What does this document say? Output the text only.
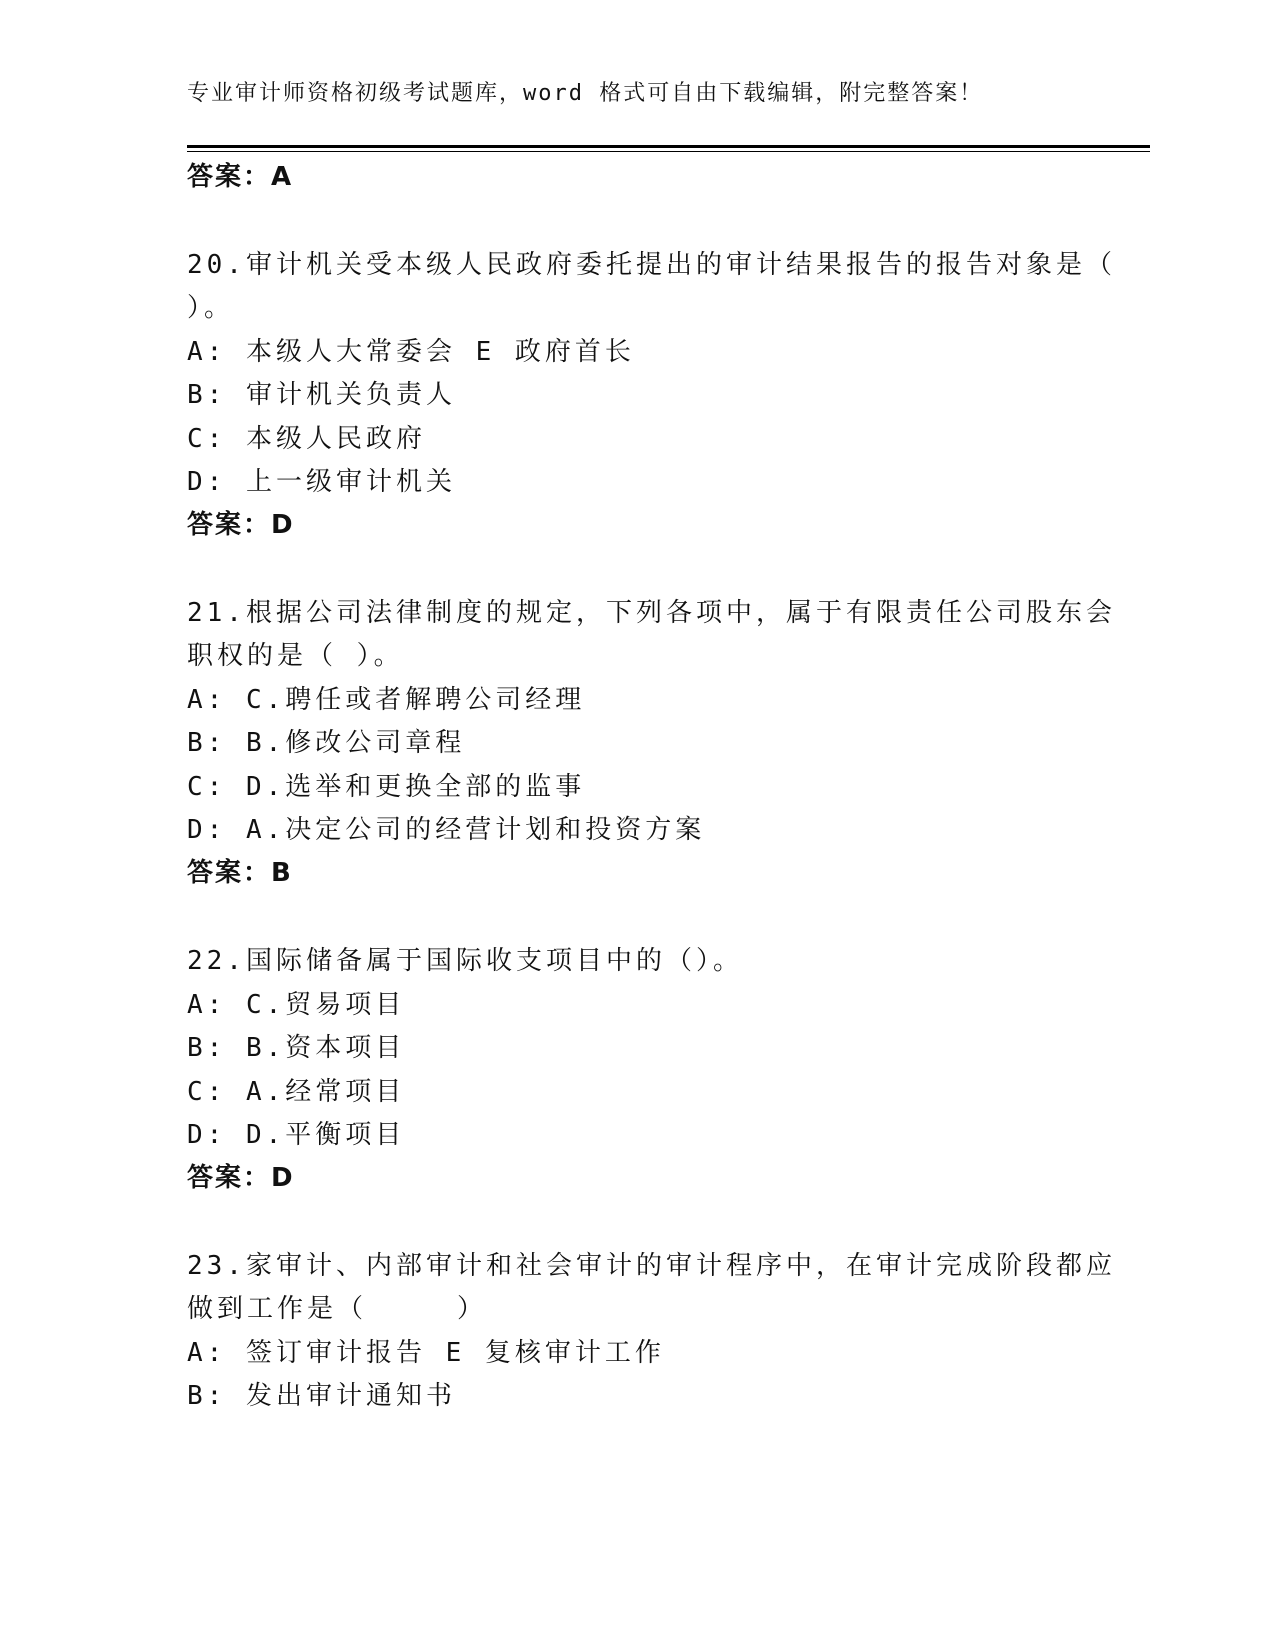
专业审计师资格初级考试题库，word 格式可自由下载编辑，附完整答案！
答案：A
20.审计机关受本级人民政府委托提出的审计结果报告的报告对象是（
）。
A: 本级人大常委会 E 政府首长
B: 审计机关负责人
C: 本级人民政府
D: 上一级审计机关
答案：D
21.根据公司法律制度的规定，下列各项中，属于有限责任公司股东会
职权的是（ ）。
A: C.聘任或者解聘公司经理
B: B.修改公司章程
C: D.选举和更换全部的监事
D: A.决定公司的经营计划和投资方案
答案：B
22.国际储备属于国际收支项目中的（）。
A: C.贸易项目
B: B.资本项目
C: A.经常项目
D: D.平衡项目
答案：D
23.家审计、内部审计和社会审计的审计程序中，在审计完成阶段都应
做到工作是（　　　）
A: 签订审计报告 E 复核审计工作
B: 发出审计通知书
